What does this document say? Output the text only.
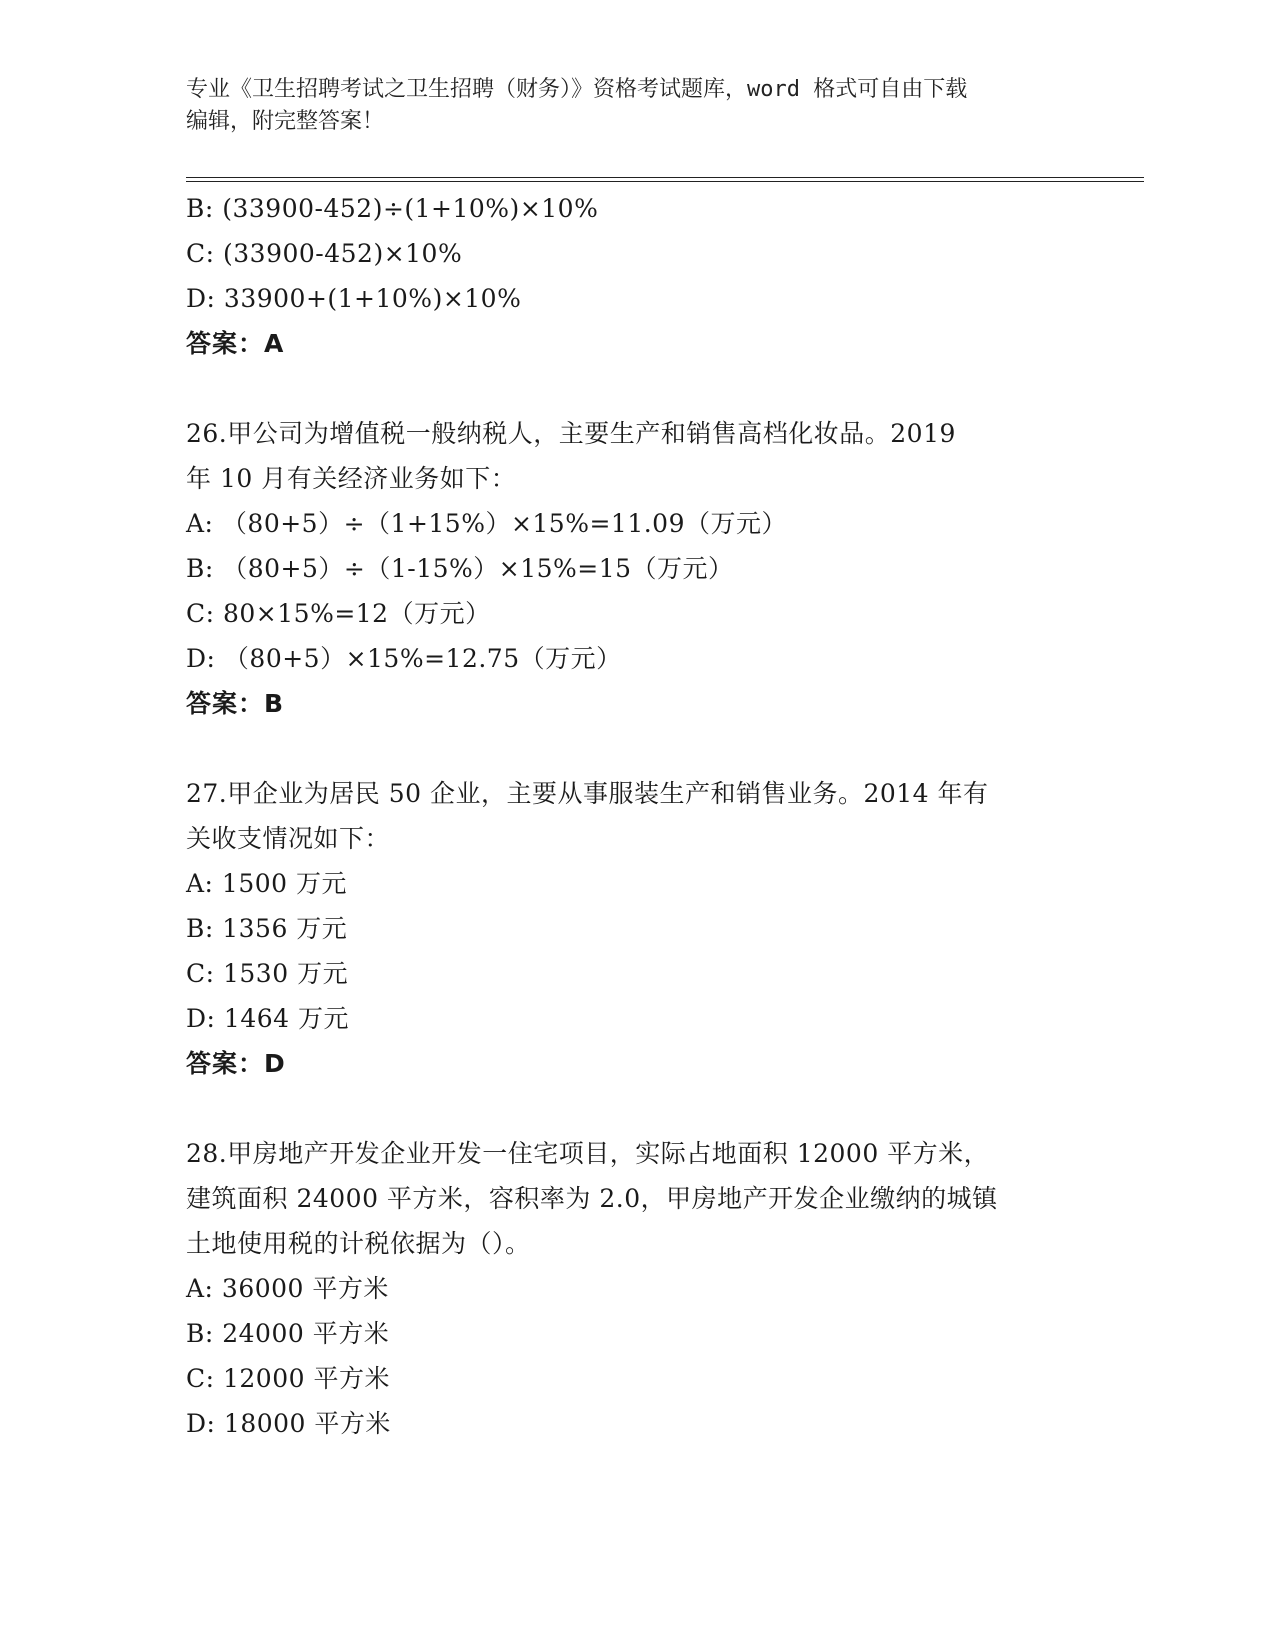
专业《卫生招聘考试之卫生招聘（财务）》资格考试题库，word 格式可自由下载
编辑，附完整答案！
B: (33900-452)÷(1+10%)×10%
C: (33900-452)×10%
D: 33900+(1+10%)×10%
答案：A
26.甲公司为增值税一般纳税人，主要生产和销售高档化妆品。2019
年 10 月有关经济业务如下：
A: （80+5）÷（1+15%）×15%=11.09（万元）
B: （80+5）÷（1-15%）×15%=15（万元）
C: 80×15%=12（万元）
D: （80+5）×15%=12.75（万元）
答案：B
27.甲企业为居民 50 企业，主要从事服装生产和销售业务。2014 年有
关收支情况如下：
A: 1500 万元
B: 1356 万元
C: 1530 万元
D: 1464 万元
答案：D
28.甲房地产开发企业开发一住宅项目，实际占地面积 12000 平方米，
建筑面积 24000 平方米，容积率为 2.0，甲房地产开发企业缴纳的城镇
土地使用税的计税依据为（）。
A: 36000 平方米
B: 24000 平方米
C: 12000 平方米
D: 18000 平方米
